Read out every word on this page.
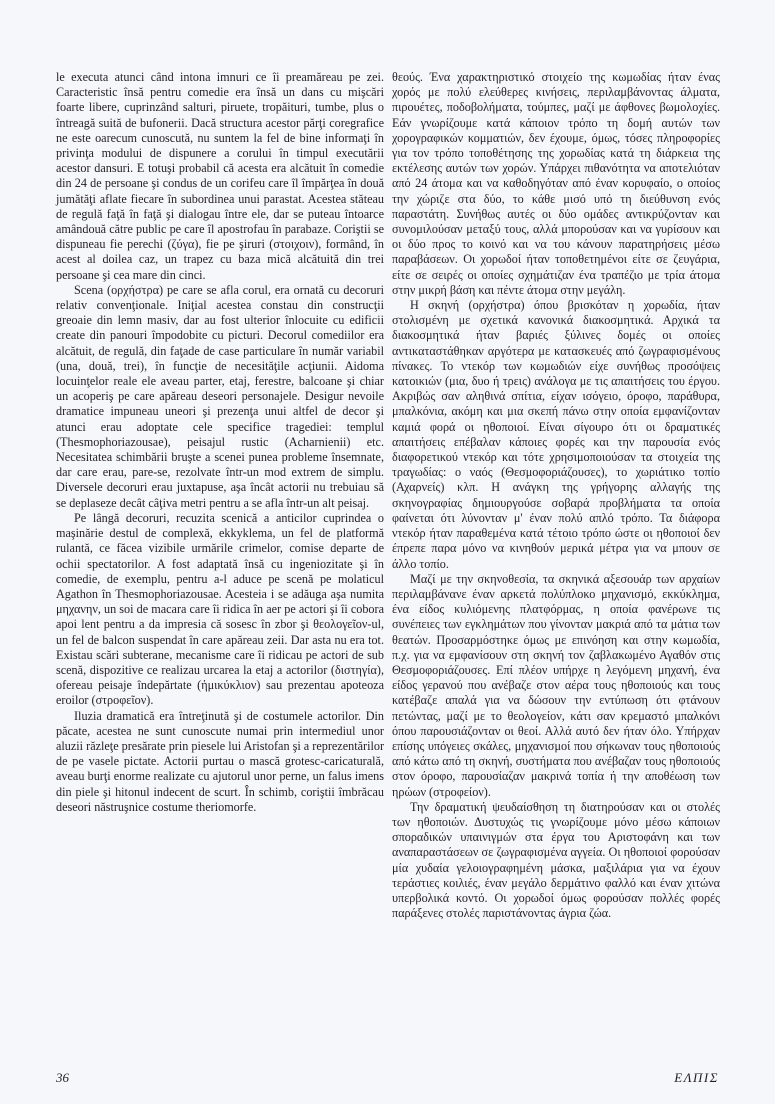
le executa atunci când intona imnuri ce îi preamăreau pe zei. Caracteristic însă pentru comedie era însă un dans cu mişcări foarte libere, cuprinzând salturi, piruete, tropăituri, tumbe, plus o întreagă suită de bufonerii. Dacă structura acestor părţi coregrafice ne este oarecum cunoscută, nu suntem la fel de bine informaţi în privinţa modului de dispunere a corului în timpul executării acestor dansuri. E totuşi probabil că acesta era alcătuit în comedie din 24 de persoane şi condus de un corifeu care îl împărţea în două jumătăţi aflate fiecare în subordinea unui parastat. Acestea stăteau de regulă faţă în faţă şi dialogau între ele, dar se puteau întoarce amândouă către public pe care îl apostrofau în parabaze. Coriştii se dispuneau fie perechi (ζύγα), fie pe şiruri (στοιχοιν), formând, în acest al doilea caz, un trapez cu baza mică alcătuită din trei persoane şi cea mare din cinci.

Scena (ορχήστρα) pe care se afla corul, era ornată cu decoruri relativ convenţionale. Iniţial acestea constau din construcţii greoaie din lemn masiv, dar au fost ulterior înlocuite cu edificii create din panouri împodobite cu picturi. Decorul comediilor era alcătuit, de regulă, din faţade de case particulare în număr variabil (una, două, trei), în funcţie de necesităţile acţiunii. Aidoma locuinţelor reale ele aveau parter, etaj, ferestre, balcoane şi chiar un acoperiş pe care apăreau deseori personajele. Desigur nevoile dramatice impuneau uneori şi prezenţa unui altfel de decor şi atunci erau adoptate cele specifice tragediei: templul (Thesmophoriazousae), peisajul rustic (Acharnienii) etc. Necesitatea schimbării bruşte a scenei punea probleme însemnate, dar care erau, pare-se, rezolvate într-un mod extrem de simplu. Diversele decoruri erau juxtapuse, aşa încât actorii nu trebuiau să se deplaseze decât câţiva metri pentru a se afla într-un alt peisaj.

Pe lângă decoruri, recuzita scenică a anticilor cuprindea o maşinărie destul de complexă, ekkyklema, un fel de platformă rulantă, ce făcea vizibile urmările crimelor, comise departe de ochii spectatorilor. A fost adaptată însă cu ingeniozitate şi în comedie, de exemplu, pentru a-l aduce pe scenă pe molaticul Agathon în Thesmophoriazousae. Acesteia i se adăuga aşa numita μηχανην, un soi de macara care îi ridica în aer pe actori şi îi cobora apoi lent pentru a da impresia că sosesc în zbor şi θεολογεῖον-ul, un fel de balcon suspendat în care apăreau zeii. Dar asta nu era tot. Existau scări subterane, mecanisme care îi ridicau pe actori de sub scenă, dispozitive ce realizau urcarea la etaj a actorilor (διστηγία), ofereau peisaje îndepărtate (ἡμικύκλιον) sau prezentau apoteoza eroilor (στροφεῖον).

Iluzia dramatică era întreţinută şi de costumele actorilor. Din păcate, acestea ne sunt cunoscute numai prin intermediul unor aluzii răzleţe presărate prin piesele lui Aristofan şi a reprezentărilor de pe vasele pictate. Actorii purtau o mască grotesc-caricaturală, aveau burţi enorme realizate cu ajutorul unor perne, un falus imens din piele şi hitonul indecent de scurt. În schimb, coriştii îmbrăcau deseori năstruşnice costume theriomorfe.

θεούς. Ένα χαρακτηριστικό στοιχείο της κωμωδίας ήταν ένας χορός με πολύ ελεύθερες κινήσεις, περιλαμβάνοντας άλματα, πιρουέτες, ποδοβολήματα, τούμπες, μαζί με άφθονες βωμολοχίες. Εάν γνωρίζουμε κατά κάποιον τρόπο τη δομή αυτών των χορογραφικών κομματιών, δεν έχουμε, όμως, τόσες πληροφορίες για τον τρόπο τοποθέτησης της χορωδίας κατά τη διάρκεια της εκτέλεσης αυτών των χορών. Υπάρχει πιθανότητα να αποτελιόταν από 24 άτομα και να καθοδηγόταν από έναν κορυφαίο, ο οποίος την χώριζε στα δύο, το κάθε μισό υπό τη διεύθυνση ενός παραστάτη. Συνήθως αυτές οι δύο ομάδες αντικρύζονταν και συνομιλούσαν μεταξύ τους, αλλά μπορούσαν και να γυρίσουν και οι δύο προς το κοινό και να του κάνουν παρατηρήσεις μέσω παραβάσεων. Οι χορωδοί ήταν τοποθετημένοι είτε σε ζευγάρια, είτε σε σειρές οι οποίες σχημάτιζαν ένα τραπέζιο με τρία άτομα στην μικρή βάση και πέντε άτομα στην μεγάλη.

Η σκηνή (ορχήστρα) όπου βρισκόταν η χορωδία, ήταν στολισμένη με σχετικά κανονικά διακοσμητικά. Αρχικά τα διακοσμητικά ήταν βαριές ξύλινες δομές οι οποίες αντικαταστάθηκαν αργότερα με κατασκευές από ζωγραφισμένους πίνακες. Το ντεκόρ των κωμωδιών είχε συνήθως προσόψεις κατοικιών (μια, δυο ή τρεις) ανάλογα με τις απαιτήσεις του έργου. Ακριβώς σαν αληθινά σπίτια, είχαν ισόγειο, όροφο, παράθυρα, μπαλκόνια, ακόμη και μια σκεπή πάνω στην οποία εμφανίζονταν καμιά φορά οι ηθοποιοί. Είναι σίγουρο ότι οι δραματικές απαιτήσεις επέβαλαν κάποιες φορές και την παρουσία ενός διαφορετικού ντεκόρ και τότε χρησιμοποιούσαν τα στοιχεία της τραγωδίας: ο ναός (Θεσμοφοριάζουσες), το χωριάτικο τοπίο (Αχαρνείς) κλπ. Η ανάγκη της γρήγορης αλλαγής της σκηνογραφίας δημιουργούσε σοβαρά προβλήματα τα οποία φαίνεται ότι λύνονταν μ' έναν πολύ απλό τρόπο. Τα διάφορα ντεκόρ ήταν παραθεμένα κατά τέτοιο τρόπο ώστε οι ηθοποιοί δεν έπρεπε παρα μόνο να κινηθούν μερικά μέτρα για να μπουν σε άλλο τοπίο.

Μαζί με την σκηνοθεσία, τα σκηνικά αξεσουάρ των αρχαίων περιλαμβάνανε έναν αρκετά πολύπλοκο μηχανισμό, εκκύκλημα, ένα είδος κυλιόμενης πλατφόρμας, η οποία φανέρωνε τις συνέπειες των εγκλημάτων που γίνονταν μακριά από τα μάτια των θεατών. Προσαρμόστηκε όμως με επινόηση και στην κωμωδία, π.χ. για να εμφανίσουν στη σκηνή τον ζαβλακωμένο Αγαθόν στις Θεσμοφοριάζουσες. Επί πλέον υπήρχε η λεγόμενη μηχανή, ένα είδος γερανού που ανέβαζε στον αέρα τους ηθοποιούς και τους κατέβαζε απαλά για να δώσουν την εντύπωση ότι φτάνουν πετώντας, μαζί με το θεολογείον, κάτι σαν κρεμαστό μπαλκόνι όπου παρουσιάζονταν οι θεοί. Αλλά αυτό δεν ήταν όλο. Υπήρχαν επίσης υπόγειες σκάλες, μηχανισμοί που σήκωναν τους ηθοποιούς από κάτω από τη σκηνή, συστήματα που ανέβαζαν τους ηθοποιούς στον όροφο, παρουσίαζαν μακρινά τοπία ή την αποθέωση των ηρώων (στροφείον).

Την δραματική ψευδαίσθηση τη διατηρούσαν και οι στολές των ηθοποιών. Δυστυχώς τις γνωρίζουμε μόνο μέσω κάποιων σποραδικών υπαινιγμών στα έργα του Αριστοφάνη και των αναπαραστάσεων σε ζωγραφισμένα αγγεία. Οι ηθοποιοί φορούσαν μία χυδαία γελοιογραφημένη μάσκα, μαξιλάρια για να έχουν τεράστιες κοιλιές, έναν μεγάλο δερμάτινο φαλλό και έναν χιτώνα υπερβολικά κοντό. Οι χορωδοί όμως φορούσαν πολλές φορές παράξενες στολές παριστάνοντας άγρια ζώα.

36	ΕΛΠΙΣ
